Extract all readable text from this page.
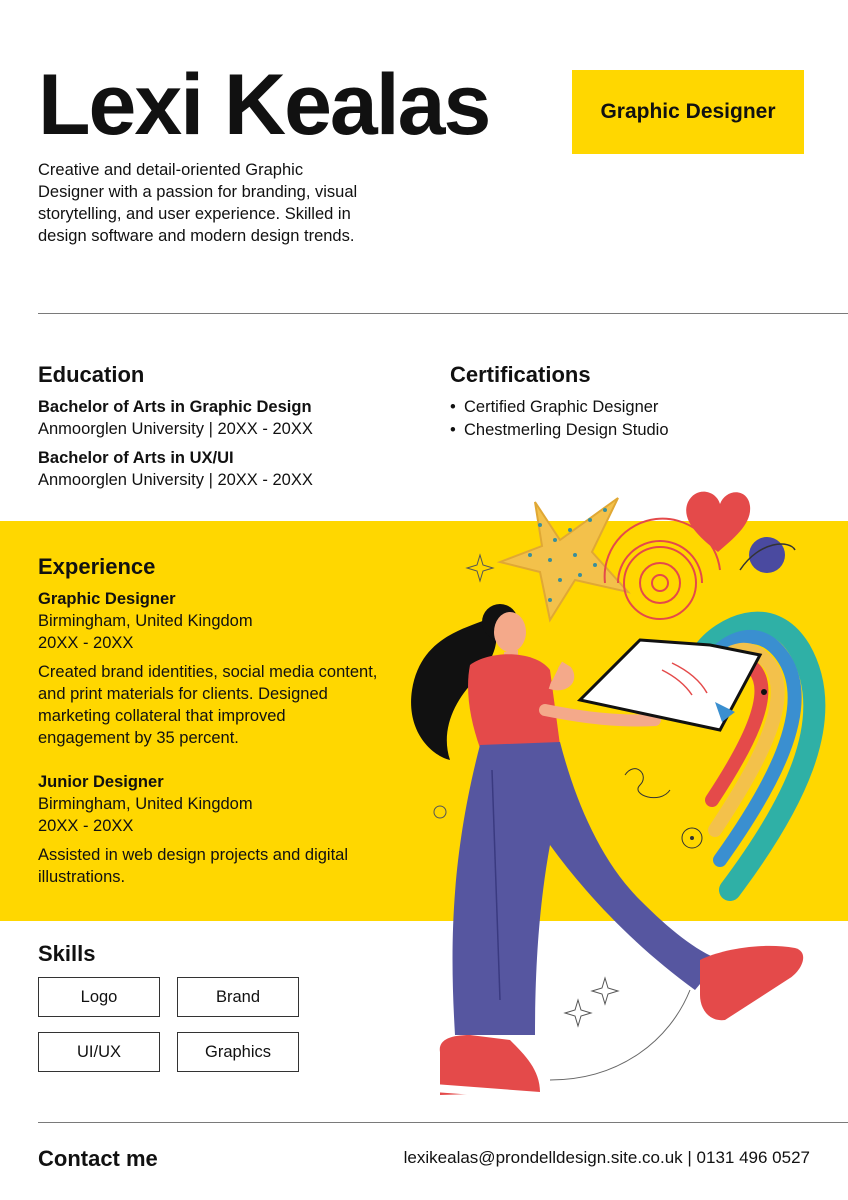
Lexi Kealas	Graphic Designer
Creative and detail-oriented Graphic Designer with a passion for branding, visual storytelling, and user experience. Skilled in design software and modern design trends.
Education
Bachelor of Arts in Graphic Design
Anmoorglen University | 20XX - 20XX
Bachelor of Arts in UX/UI
Anmoorglen University | 20XX - 20XX
Certifications
• Certified Graphic Designer
• Chestmerling Design Studio
Experience
Graphic Designer
Birmingham, United Kingdom
20XX - 20XX
Created brand identities, social media content, and print materials for clients. Designed marketing collateral that improved engagement by 35 percent.
Junior Designer
Birmingham, United Kingdom
20XX - 20XX
Assisted in web design projects and digital illustrations.
Skills
Logo	Brand
UI/UX	Graphics
Contact me	lexikealas@prondelldesign.site.co.uk | 0131 496 0527
